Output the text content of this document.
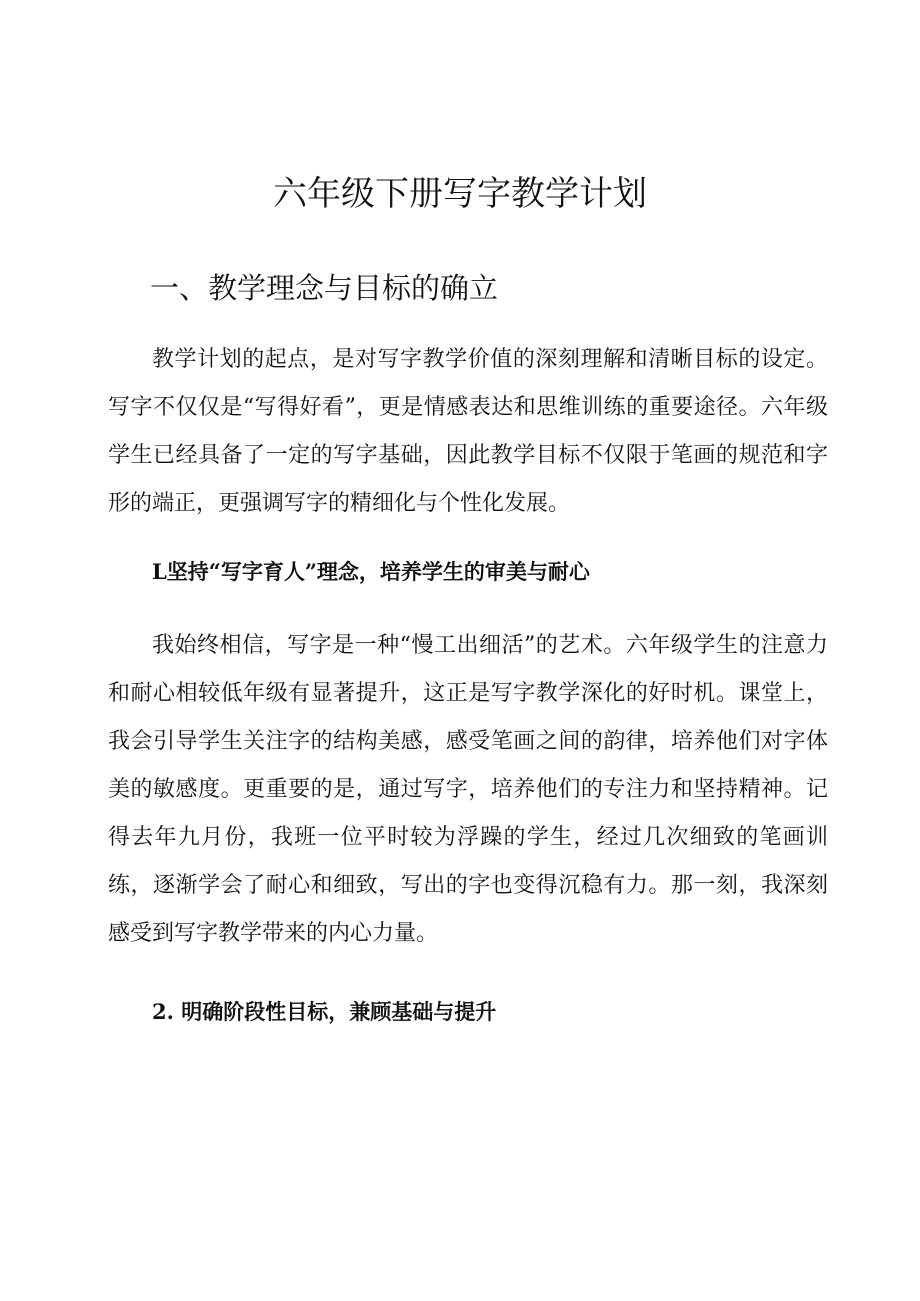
六年级下册写字教学计划
一、教学理念与目标的确立

教学计划的起点，是对写字教学价值的深刻理解和清晰目标的设定。写字不仅仅是“写得好看”，更是情感表达和思维训练的重要途径。六年级学生已经具备了一定的写字基础，因此教学目标不仅限于笔画的规范和字形的端正，更强调写字的精细化与个性化发展。

L坚持“写字育人”理念，培养学生的审美与耐心

我始终相信，写字是一种“慢工出细活”的艺术。六年级学生的注意力和耐心相较低年级有显著提升，这正是写字教学深化的好时机。课堂上，我会引导学生关注字的结构美感，感受笔画之间的韵律，培养他们对字体美的敏感度。更重要的是，通过写字，培养他们的专注力和坚持精神。记得去年九月份，我班一位平时较为浮躁的学生，经过几次细致的笔画训练，逐渐学会了耐心和细致，写出的字也变得沉稳有力。那一刻，我深刻感受到写字教学带来的内心力量。

2. 明确阶段性目标，兼顾基础与提升
